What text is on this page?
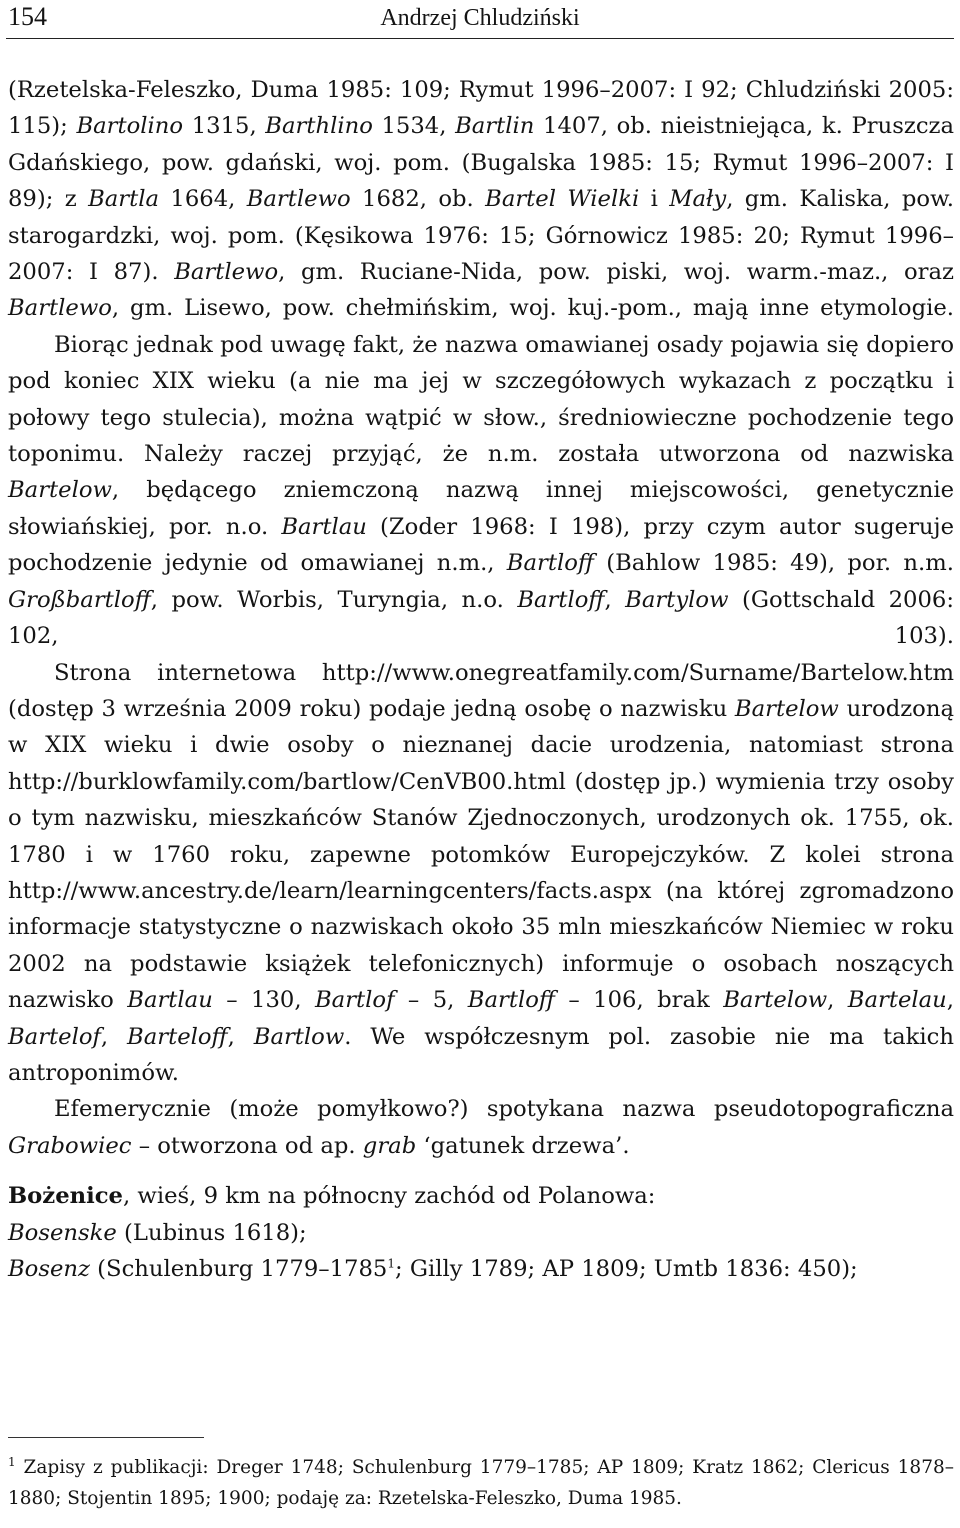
154	Andrzej Chludziński

(Rzetelska-Feleszko, Duma 1985: 109; Rymut 1996–2007: I 92; Chludziński 2005: 115); Bartolino 1315, Barthlino 1534, Bartlin 1407, ob. nieistniejąca, k. Pruszcza Gdańskiego, pow. gdański, woj. pom. (Bugalska 1985: 15; Rymut 1996–2007: I 89); z Bartla 1664, Bartlewo 1682, ob. Bartel Wielki i Mały, gm. Kaliska, pow. starogardzki, woj. pom. (Kęsikowa 1976: 15; Górnowicz 1985: 20; Rymut 1996–2007: I 87). Bartlewo, gm. Ruciane-Nida, pow. piski, woj. warm.-maz., oraz Bartlewo, gm. Lisewo, pow. chełmińskim, woj. kuj.-pom., mają inne etymologie.

Biorąc jednak pod uwagę fakt, że nazwa omawianej osady pojawia się dopiero pod koniec XIX wieku (a nie ma jej w szczegółowych wykazach z początku i połowy tego stulecia), można wątpić w słow., średniowieczne pochodzenie tego toponimu. Należy raczej przyjąć, że n.m. została utworzona od nazwiska Bartelow, będącego zniemczoną nazwą innej miejscowości, genetycznie słowiańskiej, por. n.o. Bartlau (Zoder 1968: I 198), przy czym autor sugeruje pochodzenie jedynie od omawianej n.m., Bartloff (Bahlow 1985: 49), por. n.m. Großbartloff, pow. Worbis, Turyngia, n.o. Bartloff, Bartylow (Gottschald 2006: 102, 103).

Strona internetowa http://www.onegreatfamily.com/Surname/Bartelow.htm (dostęp 3 września 2009 roku) podaje jedną osobę o nazwisku Bartelow urodzoną w XIX wieku i dwie osoby o nieznanej dacie urodzenia, natomiast strona http://burklowfamily.com/bartlow/CenVB00.html (dostęp jp.) wymienia trzy osoby o tym nazwisku, mieszkańców Stanów Zjednoczonych, urodzonych ok. 1755, ok. 1780 i w 1760 roku, zapewne potomków Europejczyków. Z kolei strona http://www.ancestry.de/learn/learningcenters/facts.aspx (na której zgromadzono informacje statystyczne o nazwiskach około 35 mln mieszkańców Niemiec w roku 2002 na podstawie książek telefonicznych) informuje o osobach noszących nazwisko Bartlau – 130, Bartlof – 5, Bartloff – 106, brak Bartelow, Bartelau, Bartelof, Barteloff, Bartlow. We współczesnym pol. zasobie nie ma takich antroponimów.

Efemerycznie (może pomyłkowo?) spotykana nazwa pseudotopograficzna Grabowiec – otworzona od ap. grab ‘gatunek drzewa’.

Bożenice, wieś, 9 km na północny zachód od Polanowa:

Bosenske (Lubinus 1618);

Bosenz (Schulenburg 1779–1785$^1$; Gilly 1789; AP 1809; Umtb 1836: 450);

$^1$ Zapisy z publikacji: Dreger 1748; Schulenburg 1779–1785; AP 1809; Kratz 1862; Clericus 1878–1880; Stojentin 1895; 1900; podaję za: Rzetelska-Feleszko, Duma 1985.
